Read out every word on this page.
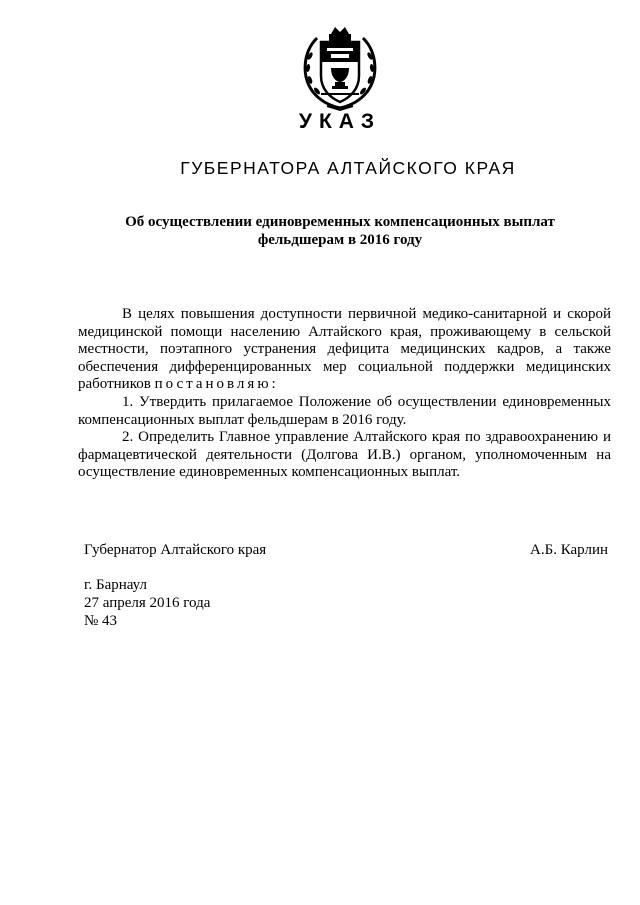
УКАЗ
ГУБЕРНАТОРА АЛТАЙСКОГО КРАЯ
Об осуществлении единовременных компенсационных выплат
фельдшерам в 2016 году

В целях повышения доступности первичной медико-санитарной и скорой медицинской помощи населению Алтайского края, проживающему в сельской местности, поэтапного устранения дефицита медицинских кадров, а также обеспечения дифференцированных мер социальной поддержки медицинских работников постановляю:

1. Утвердить прилагаемое Положение об осуществлении единовременных компенсационных выплат фельдшерам в 2016 году.

2. Определить Главное управление Алтайского края по здравоохранению и фармацевтической деятельности (Долгова И.В.) органом, уполномоченным на осуществление единовременных компенсационных выплат.

Губернатор Алтайского края	А.Б. Карлин
г. Барнаул
27 апреля 2016 года
№ 43
